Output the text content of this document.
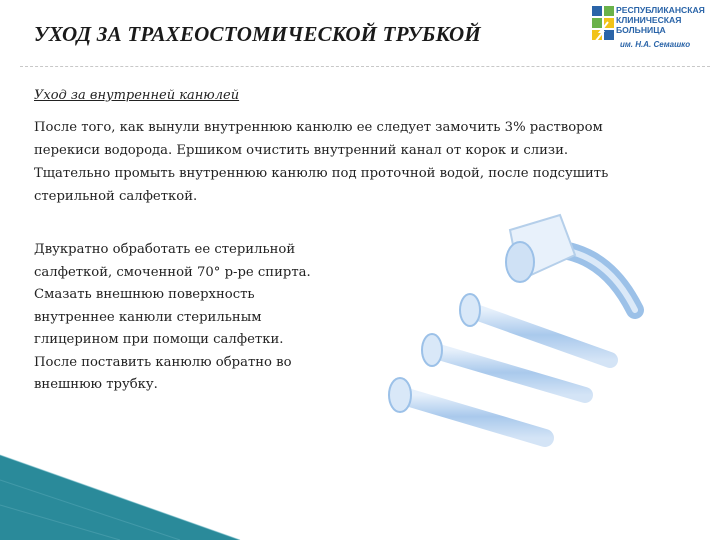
УХОД ЗА ТРАХЕОСТОМИЧЕСКОЙ ТРУБКОЙ
РЕСПУБЛИКАНСКАЯ
КЛИНИЧЕСКАЯ
БОЛЬНИЦА
им. Н.А. Семашко
Уход за внутренней канюлей
После того, как вынули внутреннюю канюлю ее следует замочить 3% раствором
перекиси водорода. Ершиком очистить внутренний канал от корок и слизи.
Тщательно промыть внутреннюю канюлю под проточной водой, после подсушить
стерильной салфеткой.
Двукратно обработать ее стерильной
салфеткой, смоченной 70° р-ре спирта.
Смазать внешнюю поверхность
внутреннее канюли стерильным
глицерином при помощи салфетки.
После поставить канюлю обратно во
внешнюю трубку.
